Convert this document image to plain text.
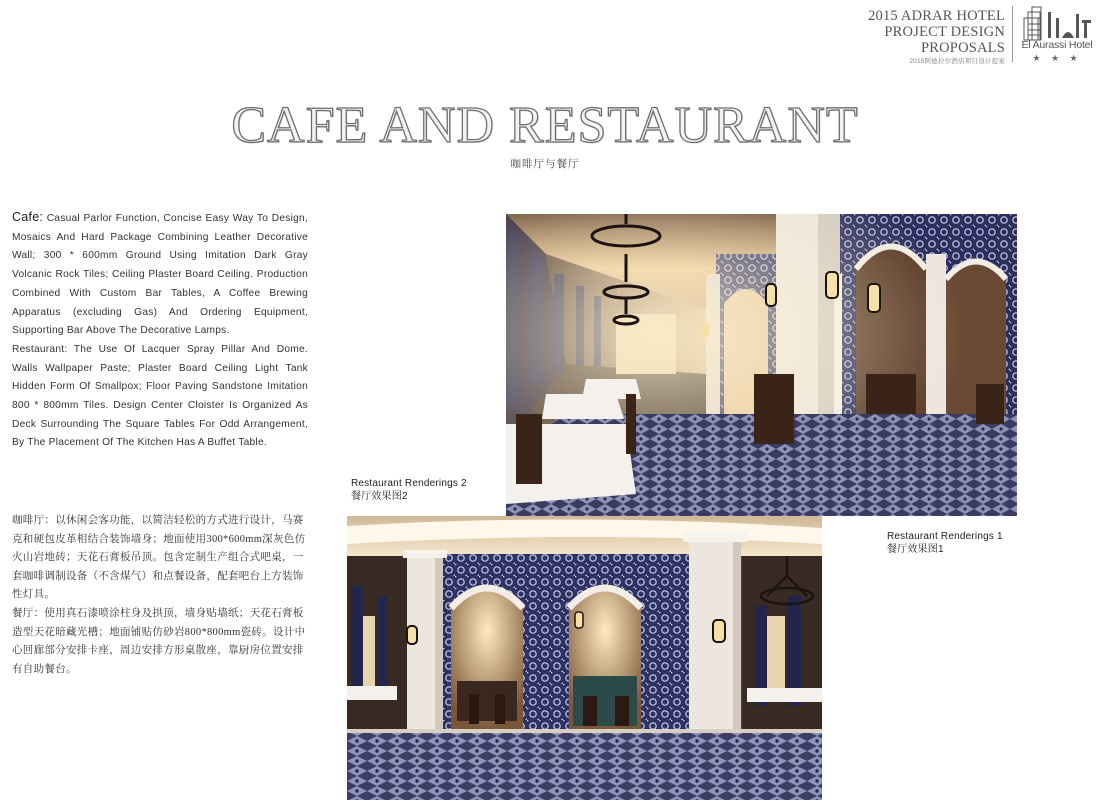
2015 ADRAR HOTEL
PROJECT DESIGN
PROPOSALS
2015阿德拉尔酒店项目设计提案
El Aurassi Hotel
★ ★ ★
CAFE AND RESTAURANT
咖啡厅与餐厅

Cafe: Casual Parlor Function, Concise Easy Way To Design, Mosaics And Hard Package Combining Leather Decorative Wall; 300 * 600mm Ground Using Imitation Dark Gray Volcanic Rock Tiles; Ceiling Plaster Board Ceiling. Production Combined With Custom Bar Tables, A Coffee Brewing Apparatus (excluding Gas) And Ordering Equipment, Supporting Bar Above The Decorative Lamps.

Restaurant: The Use Of Lacquer Spray Pillar And Dome. Walls Wallpaper Paste; Plaster Board Ceiling Light Tank Hidden Form Of Smallpox; Floor Paving Sandstone Imitation 800 * 800mm Tiles. Design Center Cloister Is Organized As Deck Surrounding The Square Tables For Odd Arrangement, By The Placement Of The Kitchen Has A Buffet Table.

咖啡厅：以休闲会客功能，以简洁轻松的方式进行设计，马赛克和硬包皮革相结合装饰墙身；地面使用300*600mm深灰色仿火山岩地砖；天花石膏板吊顶。包含定制生产组合式吧桌，一套咖啡调制设备（不含煤气）和点餐设备，配套吧台上方装饰性灯具。

餐厅：使用真石漆喷涂柱身及拱顶，墙身贴墙纸；天花石膏板造型天花暗藏光槽；地面铺贴仿砂岩800*800mm瓷砖。设计中心回廊部分安排卡座，周边安排方形桌散座，靠厨房位置安排有自助餐台。

Restaurant Renderings 1
餐厅效果图1
Restaurant Renderings 2
餐厅效果图2
